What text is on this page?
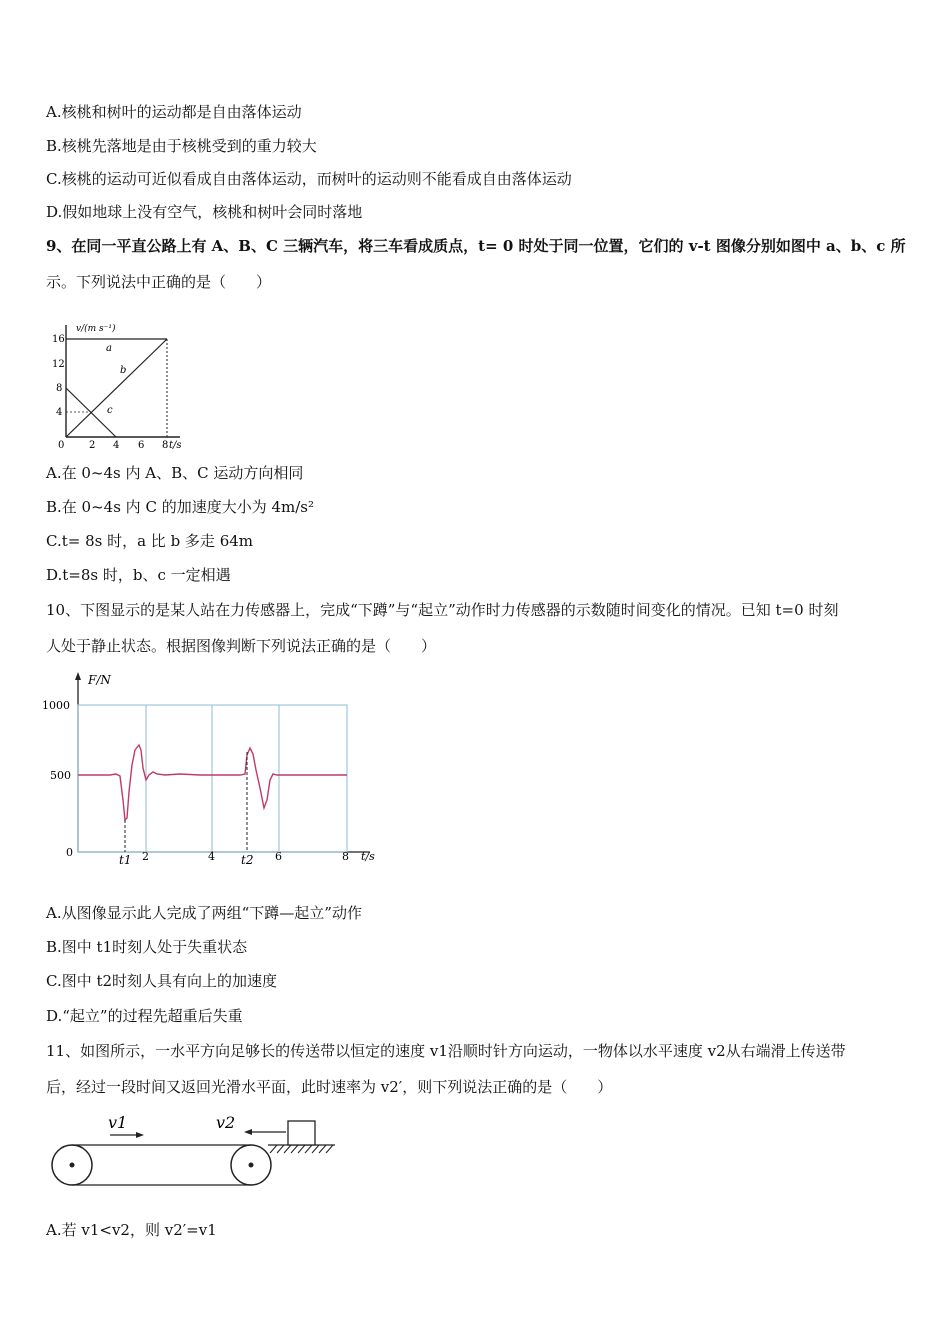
A.核桃和树叶的运动都是自由落体运动
B.核桃先落地是由于核桃受到的重力较大
C.核桃的运动可近似看成自由落体运动，而树叶的运动则不能看成自由落体运动
D.假如地球上没有空气，核桃和树叶会同时落地
9、在同一平直公路上有 A、B、C 三辆汽车，将三车看成质点，t= 0 时处于同一位置，它们的 v-t 图像分别如图中 a、b、c 所
示。下列说法中正确的是（　　）
v/(m s⁻¹)
16
12
8
4
0 2 4 6 8 t/s
a
b
c
A.在 0~4s 内 A、B、C 运动方向相同
B.在 0~4s 内 C 的加速度大小为 4m/s²
C.t= 8s 时，a 比 b 多走 64m
D.t=8s 时，b、c 一定相遇
10、下图显示的是某人站在力传感器上，完成“下蹲”与“起立”动作时力传感器的示数随时间变化的情况。已知 t=0 时刻
人处于静止状态。根据图像判断下列说法正确的是（　　）
F/N
1000
500
0	2	4	6	8 t/s
t1	t2
A.从图像显示此人完成了两组“下蹲—起立”动作
B.图中 t1时刻人处于失重状态
C.图中 t2时刻人具有向上的加速度
D.“起立”的过程先超重后失重
11、如图所示，一水平方向足够长的传送带以恒定的速度 v1沿顺时针方向运动，一物体以水平速度 v2从右端滑上传送带
后，经过一段时间又返回光滑水平面，此时速率为 v2′，则下列说法正确的是（　　）
v1	v2
A.若 v1<v2，则 v2′=v1
